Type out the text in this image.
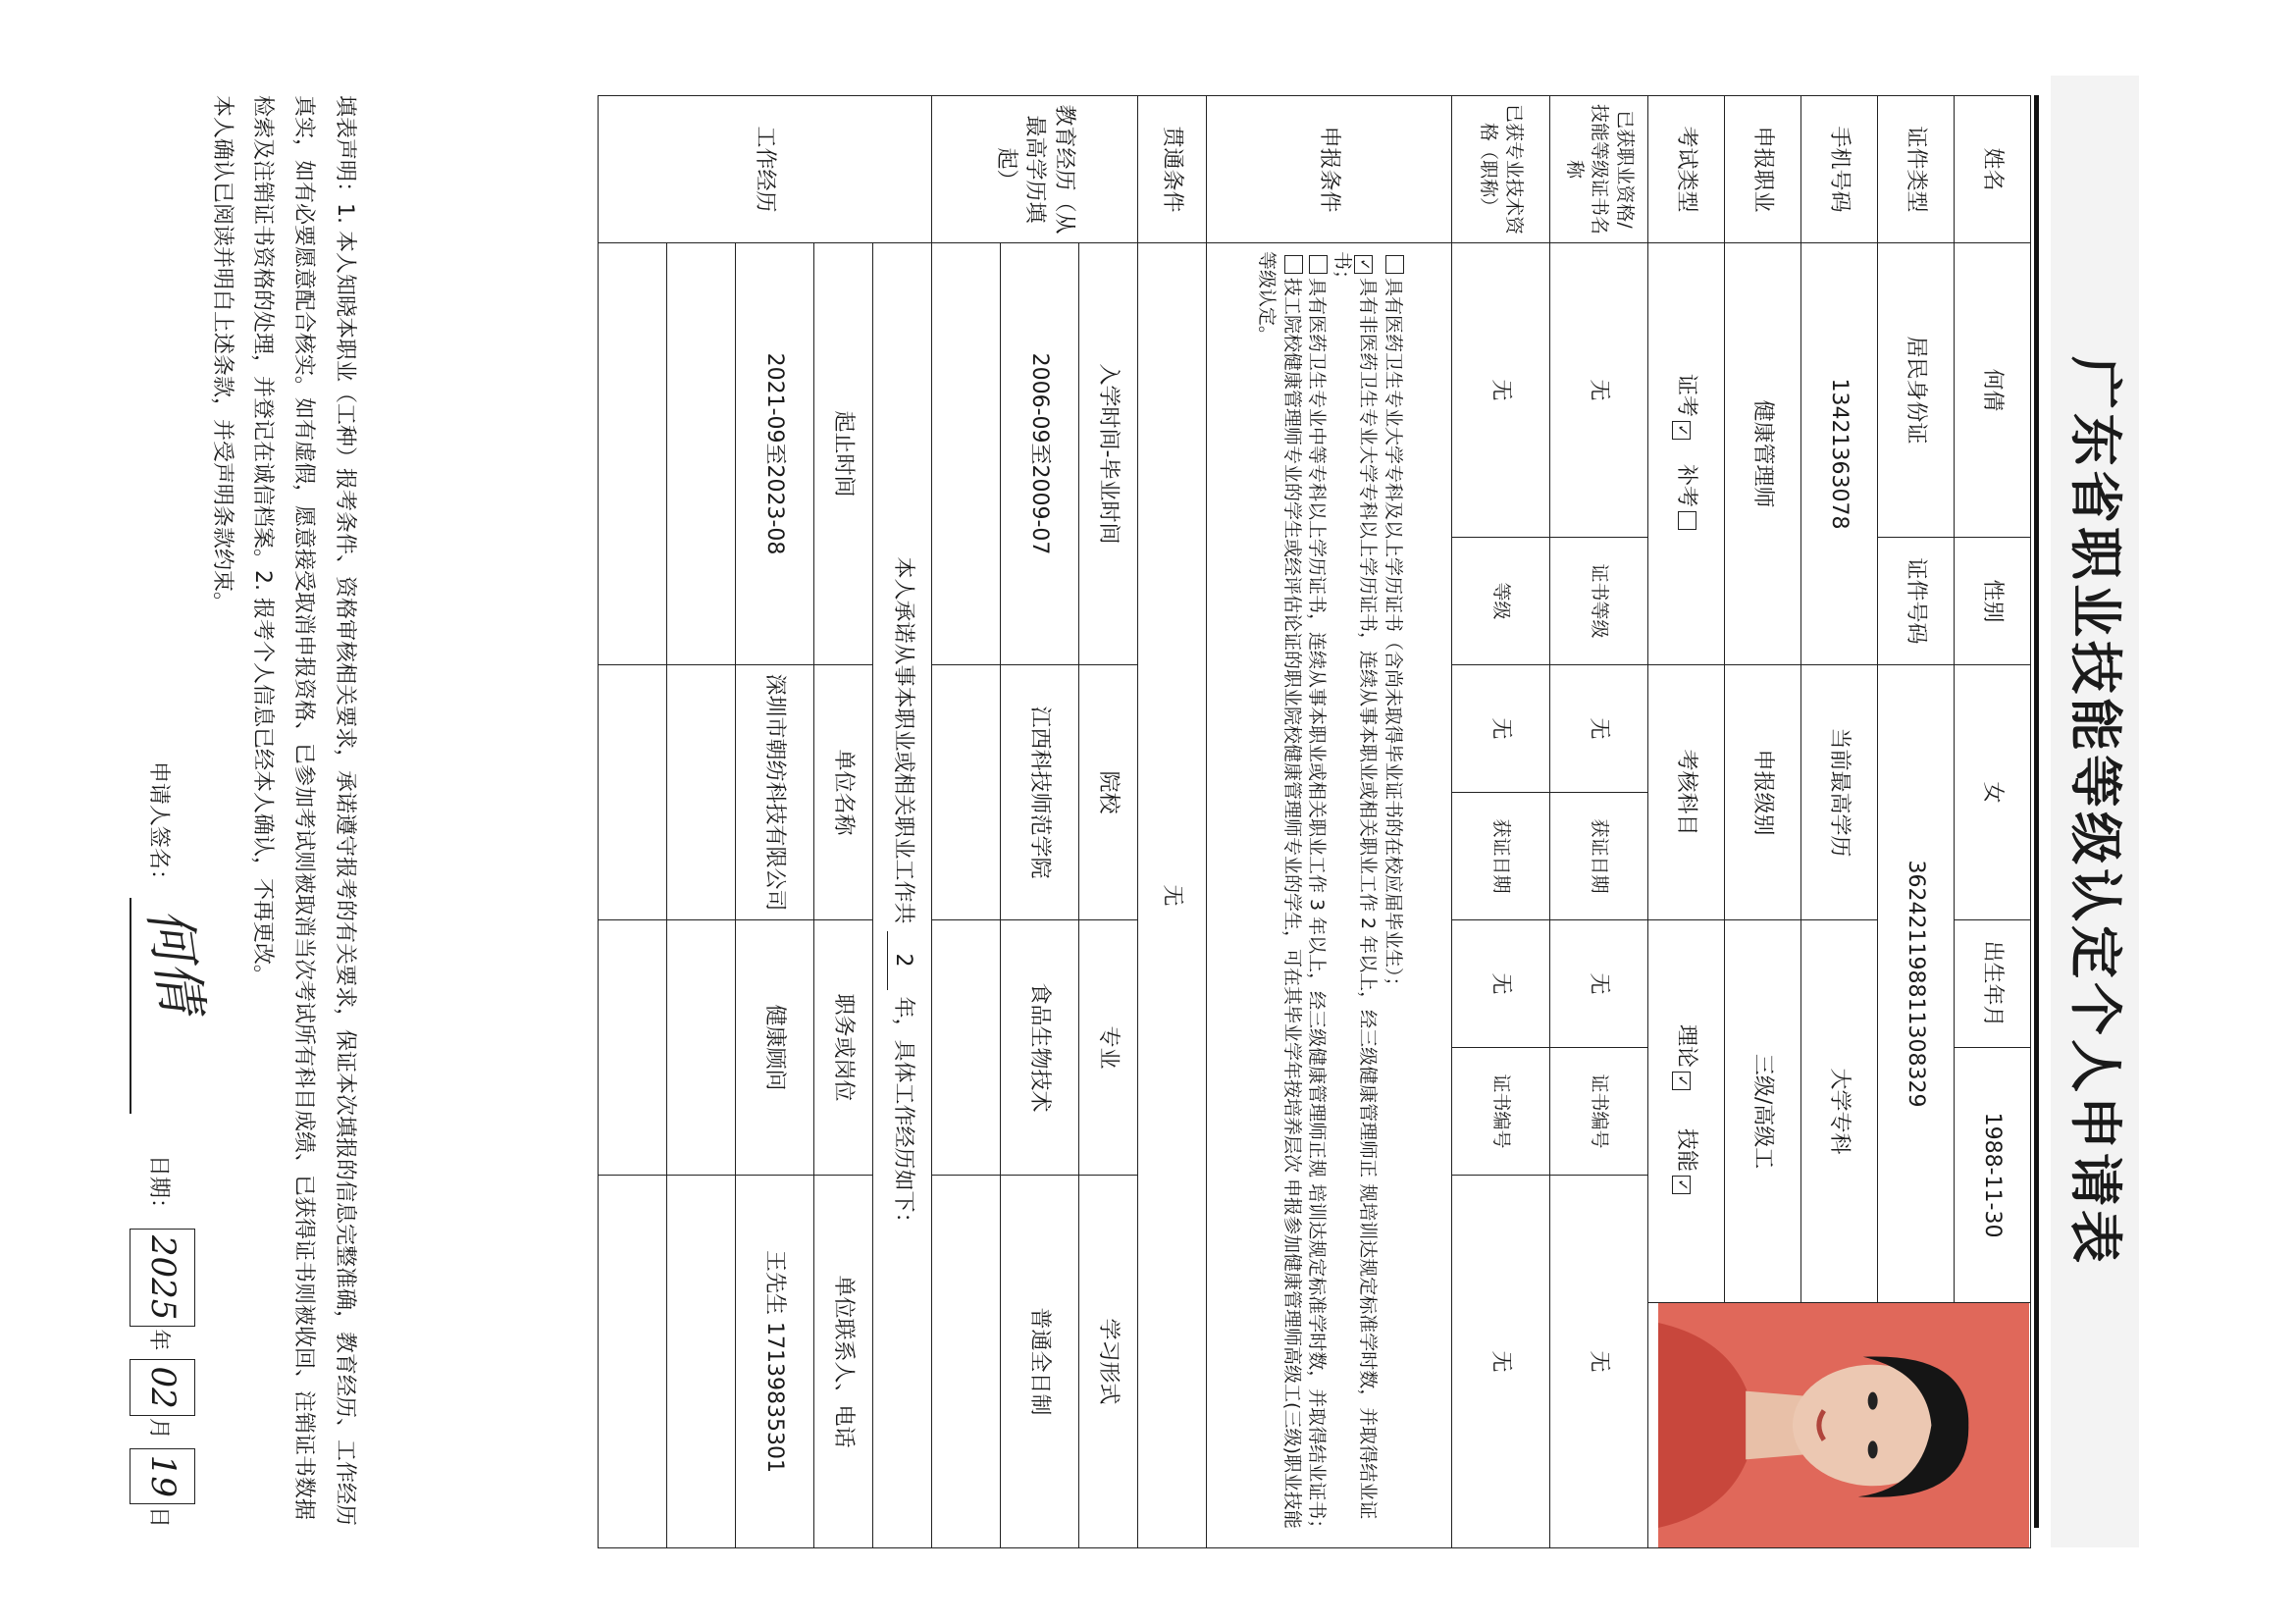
广东省职业技能等级认定个人申请表
姓名	何倩	性别	女		出生年月	1988-11-30	
证件类型	居民身份证	证件号码	362421198811308329					
手机号码	13421363078		当前最高学历		大学专科			
申报职业	健康管理师		申报级别		三级/高级工			
考试类型	证考✓   补考		考核科目		理论✓     技能✓			
已获职业资格/技能等级证书名称	无	证书等级	无	获证日期	无	证书编号	无	
已获专业技术资格（职称）	无	等级	无	获证日期	无	证书编号	无	
申报条件	具有医药卫生专业大学专科及以上学历证书（含尚未取得毕业证书的在校应届毕业生）；
✓具有非医药卫生专业大学专科以上学历证书，连续从事本职业或相关职业工作 2 年以上，经三级健康管理师正 规培训达规定标准学时数，并取得结业证书；
具有医药卫生专业中等专科以上学历证书，连续从事本职业或相关职业工作 3 年以上，经三级健康管理师正规 培训达规定标准学时数，并取得结业证书；
技工院校健康管理师专业的学生或经评估论证的职业院校健康管理师专业的学生，可在其毕业学年按培养层次 申报参加健康管理师高级工(三级)职业技能等级认定。							

贯通条件	无							
教育经历（从最高学历填起）	入学时间-毕业时间		院校		专业		学习形式	
	2006-09至2009-07		江西科技师范学院		食品生物技术		普通全日制	

工作经历	本人承诺从事本职业或相关职业工作共 2 年，具体工作经历如下：							
	起止时间		单位名称		职务或岗位		单位联系人、电话	
	2021-09至2023-08		深圳市朝纺科技有限公司		健康顾问		王先生 17139835301	

填表声明：1. 本人知晓本职业（工种）报考条件、资格审核相关要求，承诺遵守报考的有关要求，保证本次填报的信息完整准确，教育经历、工作经历真实，如有必要愿意配合核实。如有虚假，愿意接受取消申报资格、已参加考试则被取消当次考试所有科目成绩、已获得证书则被收回、注销证书数据检索及注销证书资格的处理，并登记在诚信档案。2. 报考个人信息已经本人确认，不再更改。
本人确认已阅读并明白上述条款，并受声明条款约束。
申请人签名：
何倩
日期： 2025年 02月 19日
